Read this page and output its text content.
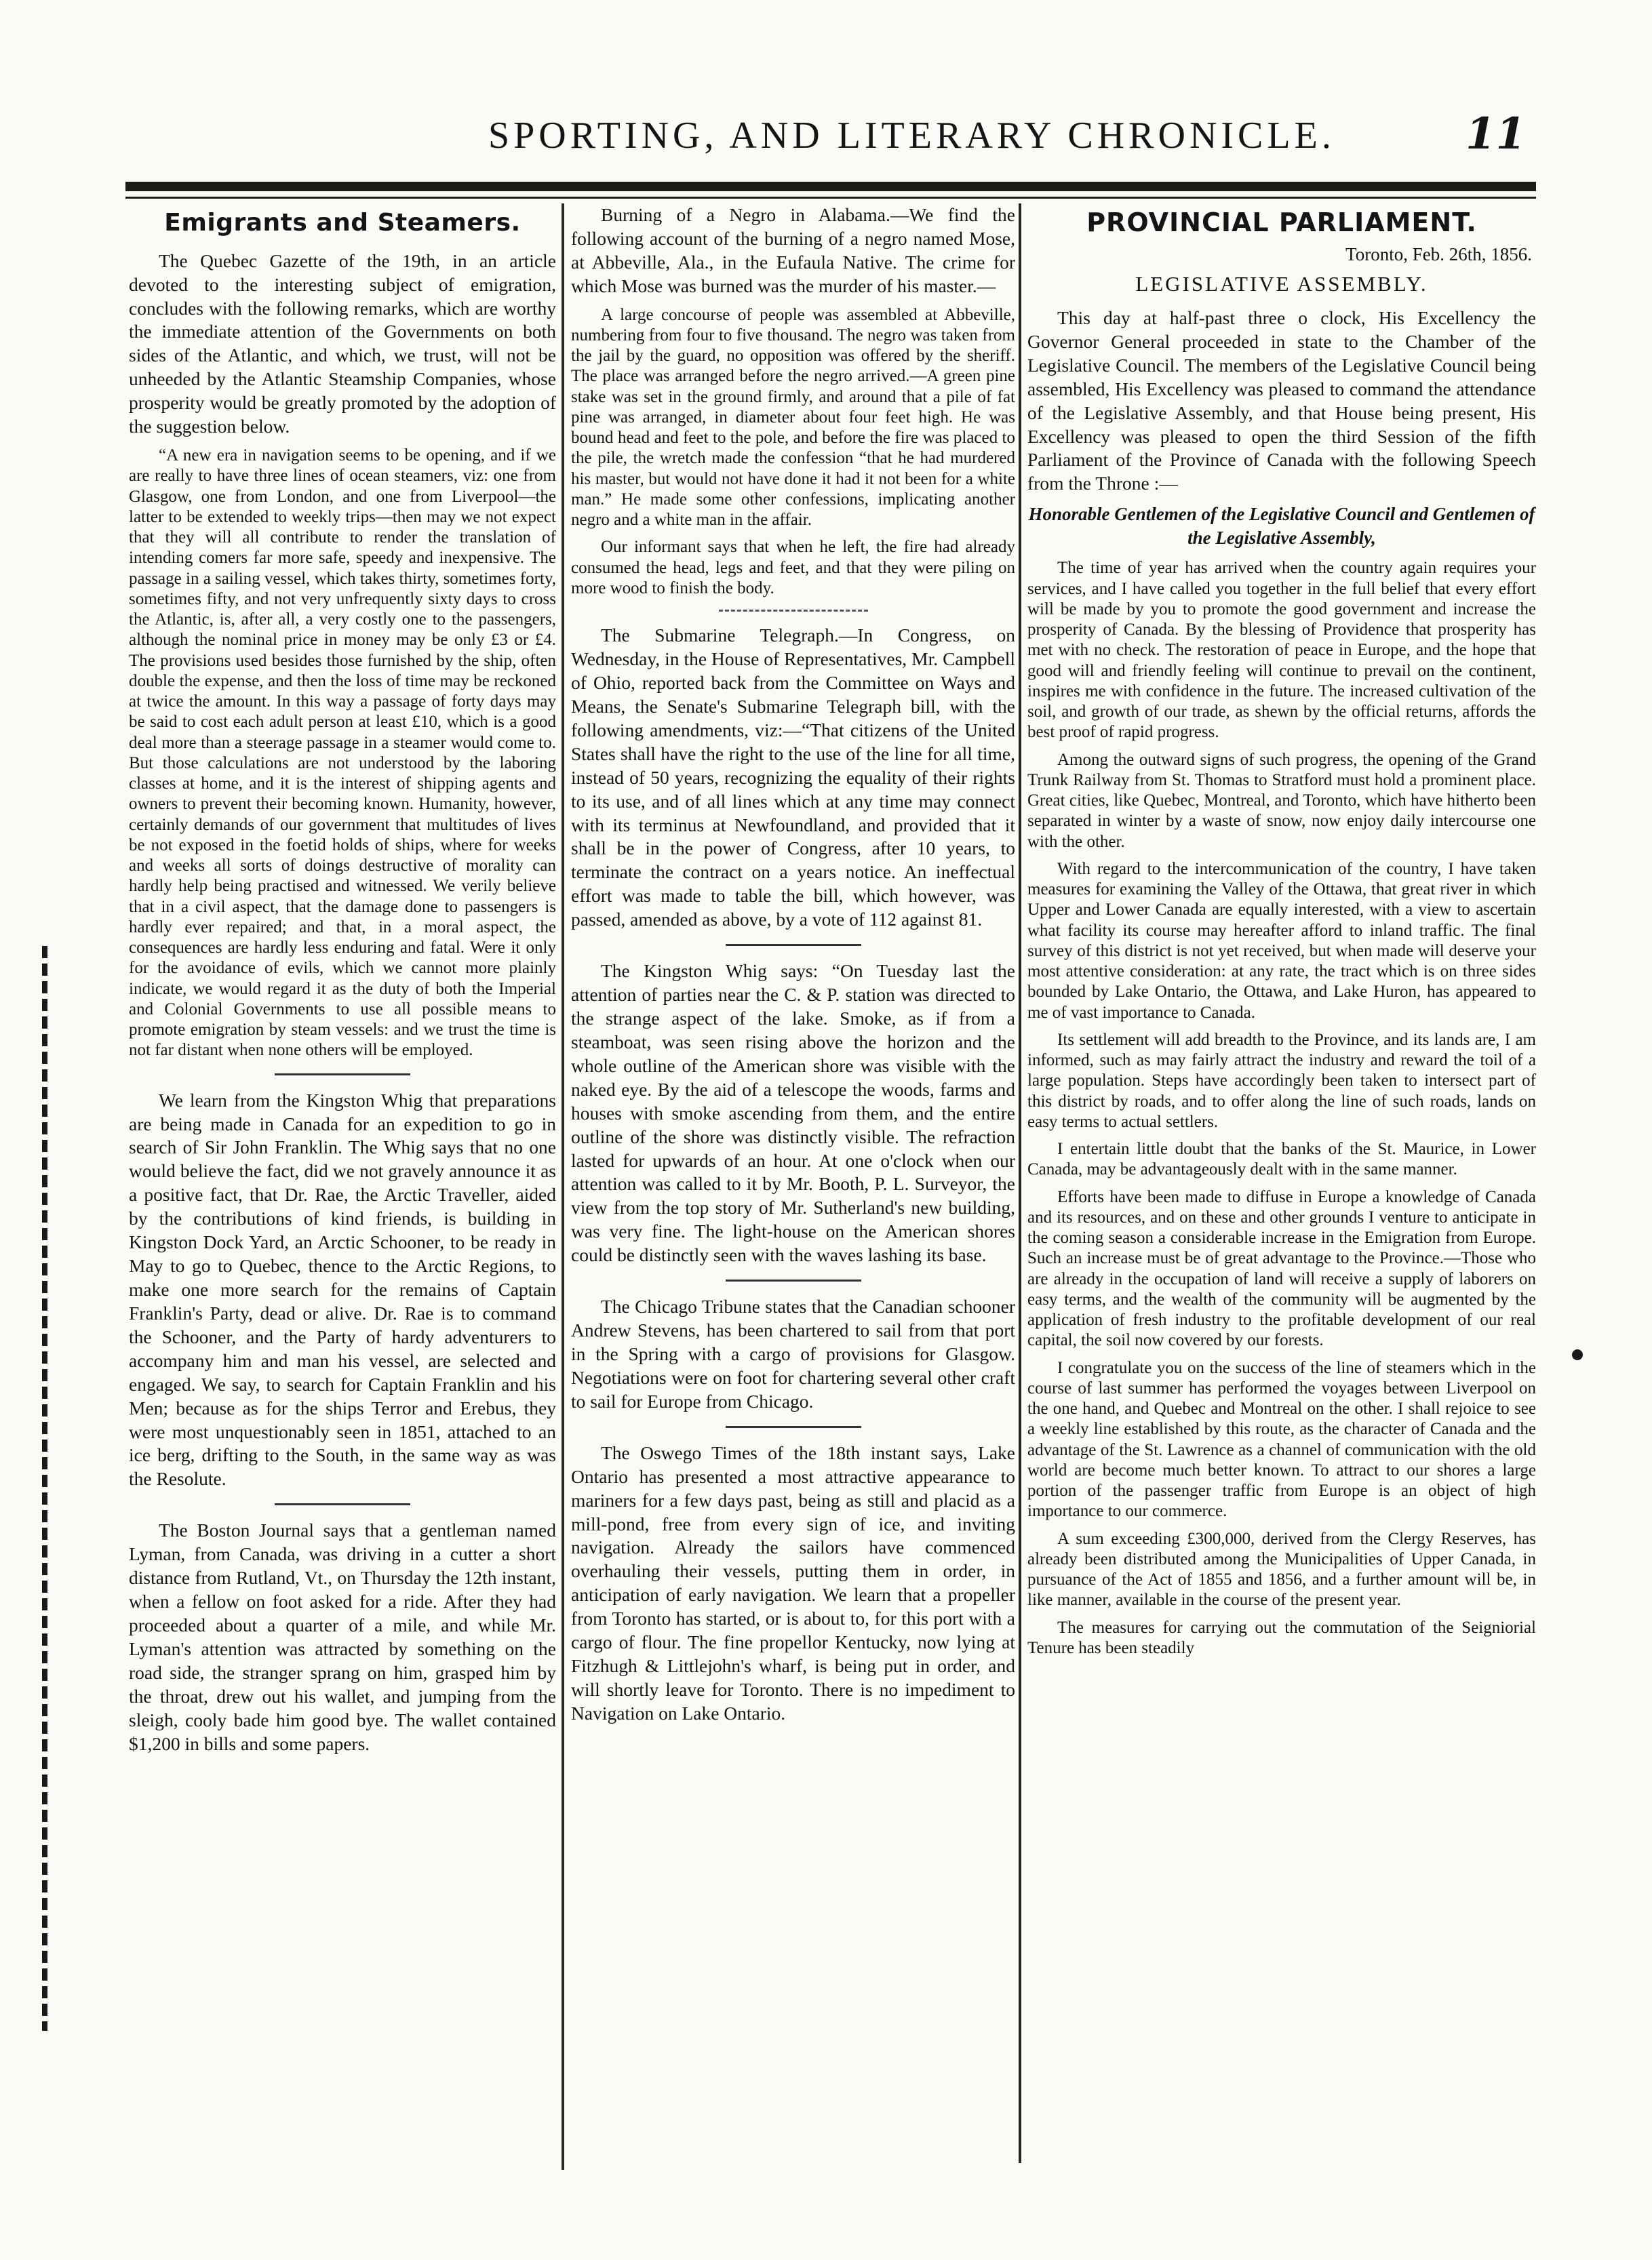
SPORTING, AND LITERARY CHRONICLE.	11
Emigrants and Steamers.

The Quebec Gazette of the 19th, in an article devoted to the interesting subject of emigration, concludes with the following remarks, which are worthy the immediate attention of the Governments on both sides of the Atlantic, and which, we trust, will not be unheeded by the Atlantic Steamship Companies, whose prosperity would be greatly promoted by the adoption of the suggestion below.

“A new era in navigation seems to be opening, and if we are really to have three lines of ocean steamers, viz: one from Glasgow, one from London, and one from Liverpool—the latter to be extended to weekly trips—then may we not expect that they will all contribute to render the translation of intending comers far more safe, speedy and inexpensive. The passage in a sailing vessel, which takes thirty, sometimes forty, sometimes fifty, and not very unfrequently sixty days to cross the Atlantic, is, after all, a very costly one to the passengers, although the nominal price in money may be only £3 or £4. The provisions used besides those furnished by the ship, often double the expense, and then the loss of time may be reckoned at twice the amount. In this way a passage of forty days may be said to cost each adult person at least £10, which is a good deal more than a steerage passage in a steamer would come to. But those calculations are not understood by the laboring classes at home, and it is the interest of shipping agents and owners to prevent their becoming known. Humanity, however, certainly demands of our government that multitudes of lives be not exposed in the foetid holds of ships, where for weeks and weeks all sorts of doings destructive of morality can hardly help being practised and witnessed. We verily believe that in a civil aspect, that the damage done to passengers is hardly ever repaired; and that, in a moral aspect, the consequences are hardly less enduring and fatal. Were it only for the avoidance of evils, which we cannot more plainly indicate, we would regard it as the duty of both the Imperial and Colonial Governments to use all possible means to promote emigration by steam vessels: and we trust the time is not far distant when none others will be employed.

We learn from the Kingston Whig that preparations are being made in Canada for an expedition to go in search of Sir John Franklin. The Whig says that no one would believe the fact, did we not gravely announce it as a positive fact, that Dr. Rae, the Arctic Traveller, aided by the contributions of kind friends, is building in Kingston Dock Yard, an Arctic Schooner, to be ready in May to go to Quebec, thence to the Arctic Regions, to make one more search for the remains of Captain Franklin's Party, dead or alive. Dr. Rae is to command the Schooner, and the Party of hardy adventurers to accompany him and man his vessel, are selected and engaged. We say, to search for Captain Franklin and his Men; because as for the ships Terror and Erebus, they were most unquestionably seen in 1851, attached to an ice berg, drifting to the South, in the same way as was the Resolute.

The Boston Journal says that a gentleman named Lyman, from Canada, was driving in a cutter a short distance from Rutland, Vt., on Thursday the 12th instant, when a fellow on foot asked for a ride. After they had proceeded about a quarter of a mile, and while Mr. Lyman's attention was attracted by something on the road side, the stranger sprang on him, grasped him by the throat, drew out his wallet, and jumping from the sleigh, cooly bade him good bye. The wallet contained $1,200 in bills and some papers.

Burning of a Negro in Alabama.—We find the following account of the burning of a negro named Mose, at Abbeville, Ala., in the Eufaula Native. The crime for which Mose was burned was the murder of his master.—

A large concourse of people was assembled at Abbeville, numbering from four to five thousand. The negro was taken from the jail by the guard, no opposition was offered by the sheriff. The place was arranged before the negro arrived.—A green pine stake was set in the ground firmly, and around that a pile of fat pine was arranged, in diameter about four feet high. He was bound head and feet to the pole, and before the fire was placed to the pile, the wretch made the confession “that he had murdered his master, but would not have done it had it not been for a white man.” He made some other confessions, implicating another negro and a white man in the affair.

Our informant says that when he left, the fire had already consumed the head, legs and feet, and that they were piling on more wood to finish the body.

The Submarine Telegraph.—In Congress, on Wednesday, in the House of Representatives, Mr. Campbell of Ohio, reported back from the Committee on Ways and Means, the Senate's Submarine Telegraph bill, with the following amendments, viz:—“That citizens of the United States shall have the right to the use of the line for all time, instead of 50 years, recognizing the equality of their rights to its use, and of all lines which at any time may connect with its terminus at Newfoundland, and provided that it shall be in the power of Congress, after 10 years, to terminate the contract on a years notice. An ineffectual effort was made to table the bill, which however, was passed, amended as above, by a vote of 112 against 81.

The Kingston Whig says: “On Tuesday last the attention of parties near the C. & P. station was directed to the strange aspect of the lake. Smoke, as if from a steamboat, was seen rising above the horizon and the whole outline of the American shore was visible with the naked eye. By the aid of a telescope the woods, farms and houses with smoke ascending from them, and the entire outline of the shore was distinctly visible. The refraction lasted for upwards of an hour. At one o'clock when our attention was called to it by Mr. Booth, P. L. Surveyor, the view from the top story of Mr. Sutherland's new building, was very fine. The light-house on the American shores could be distinctly seen with the waves lashing its base.

The Chicago Tribune states that the Canadian schooner Andrew Stevens, has been chartered to sail from that port in the Spring with a cargo of provisions for Glasgow. Negotiations were on foot for chartering several other craft to sail for Europe from Chicago.

The Oswego Times of the 18th instant says, Lake Ontario has presented a most attractive appearance to mariners for a few days past, being as still and placid as a mill-pond, free from every sign of ice, and inviting navigation. Already the sailors have commenced overhauling their vessels, putting them in order, in anticipation of early navigation. We learn that a propeller from Toronto has started, or is about to, for this port with a cargo of flour. The fine propellor Kentucky, now lying at Fitzhugh & Littlejohn's wharf, is being put in order, and will shortly leave for Toronto. There is no impediment to Navigation on Lake Ontario.

PROVINCIAL PARLIAMENT.
Toronto, Feb. 26th, 1856.
LEGISLATIVE ASSEMBLY.

This day at half-past three o clock, His Excellency the Governor General proceeded in state to the Chamber of the Legislative Council. The members of the Legislative Council being assembled, His Excellency was pleased to command the attendance of the Legislative Assembly, and that House being present, His Excellency was pleased to open the third Session of the fifth Parliament of the Province of Canada with the following Speech from the Throne :—

Honorable Gentlemen of the Legislative Council and Gentlemen of the Legislative Assembly,

The time of year has arrived when the country again requires your services, and I have called you together in the full belief that every effort will be made by you to promote the good government and increase the prosperity of Canada. By the blessing of Providence that prosperity has met with no check. The restoration of peace in Europe, and the hope that good will and friendly feeling will continue to prevail on the continent, inspires me with confidence in the future. The increased cultivation of the soil, and growth of our trade, as shewn by the official returns, affords the best proof of rapid progress.

Among the outward signs of such progress, the opening of the Grand Trunk Railway from St. Thomas to Stratford must hold a prominent place. Great cities, like Quebec, Montreal, and Toronto, which have hitherto been separated in winter by a waste of snow, now enjoy daily intercourse one with the other.

With regard to the intercommunication of the country, I have taken measures for examining the Valley of the Ottawa, that great river in which Upper and Lower Canada are equally interested, with a view to ascertain what facility its course may hereafter afford to inland traffic. The final survey of this district is not yet received, but when made will deserve your most attentive consideration: at any rate, the tract which is on three sides bounded by Lake Ontario, the Ottawa, and Lake Huron, has appeared to me of vast importance to Canada.

Its settlement will add breadth to the Province, and its lands are, I am informed, such as may fairly attract the industry and reward the toil of a large population. Steps have accordingly been taken to intersect part of this district by roads, and to offer along the line of such roads, lands on easy terms to actual settlers.

I entertain little doubt that the banks of the St. Maurice, in Lower Canada, may be advantageously dealt with in the same manner.

Efforts have been made to diffuse in Europe a knowledge of Canada and its resources, and on these and other grounds I venture to anticipate in the coming season a considerable increase in the Emigration from Europe. Such an increase must be of great advantage to the Province.—Those who are already in the occupation of land will receive a supply of laborers on easy terms, and the wealth of the community will be augmented by the application of fresh industry to the profitable development of our real capital, the soil now covered by our forests.

I congratulate you on the success of the line of steamers which in the course of last summer has performed the voyages between Liverpool on the one hand, and Quebec and Montreal on the other. I shall rejoice to see a weekly line established by this route, as the character of Canada and the advantage of the St. Lawrence as a channel of communication with the old world are become much better known. To attract to our shores a large portion of the passenger traffic from Europe is an object of high importance to our commerce.

A sum exceeding £300,000, derived from the Clergy Reserves, has already been distributed among the Municipalities of Upper Canada, in pursuance of the Act of 1855 and 1856, and a further amount will be, in like manner, available in the course of the present year.

The measures for carrying out the commutation of the Seigniorial Tenure has been steadily
